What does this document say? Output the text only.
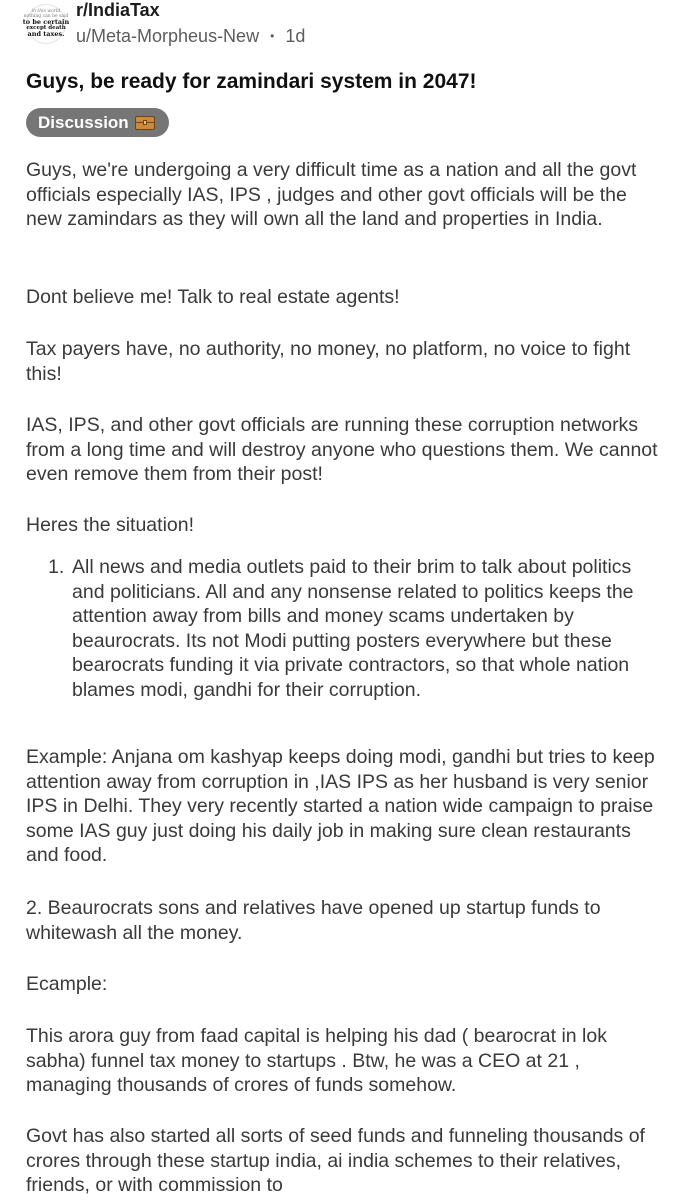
in this world
nothing can be said
to be certain
except death
and taxes.
r/IndiaTax
u/Meta-Morpheus-New • 1d
Guys, be ready for zamindari system in 2047!
Discussion

Guys, we're undergoing a very difficult time as a nation and all the govt officials especially IAS, IPS , judges and other govt officials will be the new zamindars as they will own all the land and properties in India.

Dont believe me! Talk to real estate agents!

Tax payers have, no authority, no money, no platform, no voice to fight this!

IAS, IPS, and other govt officials are running these corruption networks from a long time and will destroy anyone who questions them. We cannot even remove them from their post!

Heres the situation!

1. All news and media outlets paid to their brim to talk about politics and politicians. All and any nonsense related to politics keeps the attention away from bills and money scams undertaken by beaurocrats. Its not Modi putting posters everywhere but these bearocrats funding it via private contractors, so that whole nation blames modi, gandhi for their corruption.

Example: Anjana om kashyap keeps doing modi, gandhi but tries to keep attention away from corruption in ,IAS IPS as her husband is very senior IPS in Delhi. They very recently started a nation wide campaign to praise some IAS guy just doing his daily job in making sure clean restaurants and food.

2. Beaurocrats sons and relatives have opened up startup funds to whitewash all the money.

Ecample:

This arora guy from faad capital is helping his dad ( bearocrat in lok sabha) funnel tax money to startups . Btw, he was a CEO at 21 , managing thousands of crores of funds somehow.

Govt has also started all sorts of seed funds and funneling thousands of crores through these startup india, ai india schemes to their relatives, friends, or with commission to
